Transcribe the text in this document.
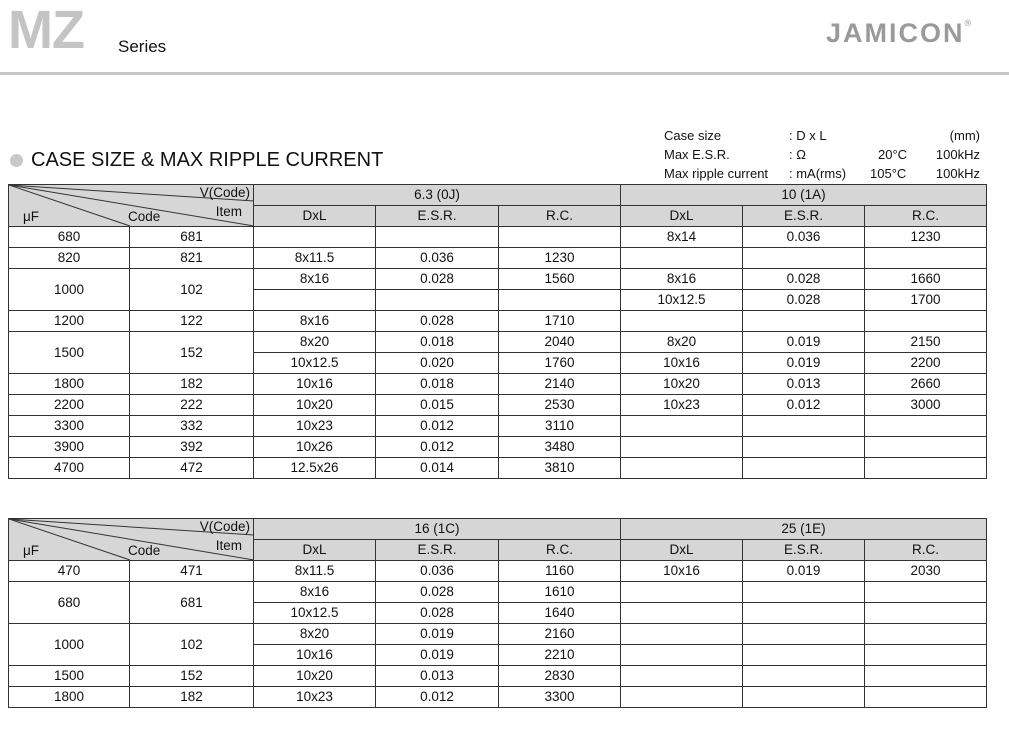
MZ Series	JAMICON®
CASE SIZE & MAX RIPPLE CURRENT
Case size	: D x L	(mm)
Max E.S.R.	: Ω	20°C 100kHz
Max ripple current : mA(rms) 105°C 100kHz
V(Code)
Item
μF Code		6.3 (0J)			10 (1A)		
		DxL	E.S.R.	R.C.	DxL	E.S.R.	R.C.
680	681				8x14	0.036	1230
820	821	8x11.5	0.036	1230			
1000	102	8x16	0.028	1560	8x16	0.028	1660
					10x12.5	0.028	1700
1200	122	8x16	0.028	1710			
1500	152	8x20	0.018	2040	8x20	0.019	2150
		10x12.5	0.020	1760	10x16	0.019	2200
1800	182	10x16	0.018	2140	10x20	0.013	2660
2200	222	10x20	0.015	2530	10x23	0.012	3000
3300	332	10x23	0.012	3110			
3900	392	10x26	0.012	3480			
4700	472	12.5x26	0.014	3810			
V(Code)
Item
μF Code		16 (1C)			25 (1E)		
		DxL	E.S.R.	R.C.	DxL	E.S.R.	R.C.
470	471	8x11.5	0.036	1160	10x16	0.019	2030
680	681	8x16	0.028	1610			
		10x12.5	0.028	1640			
1000	102	8x20	0.019	2160			
		10x16	0.019	2210			
1500	152	10x20	0.013	2830			
1800	182	10x23	0.012	3300			
